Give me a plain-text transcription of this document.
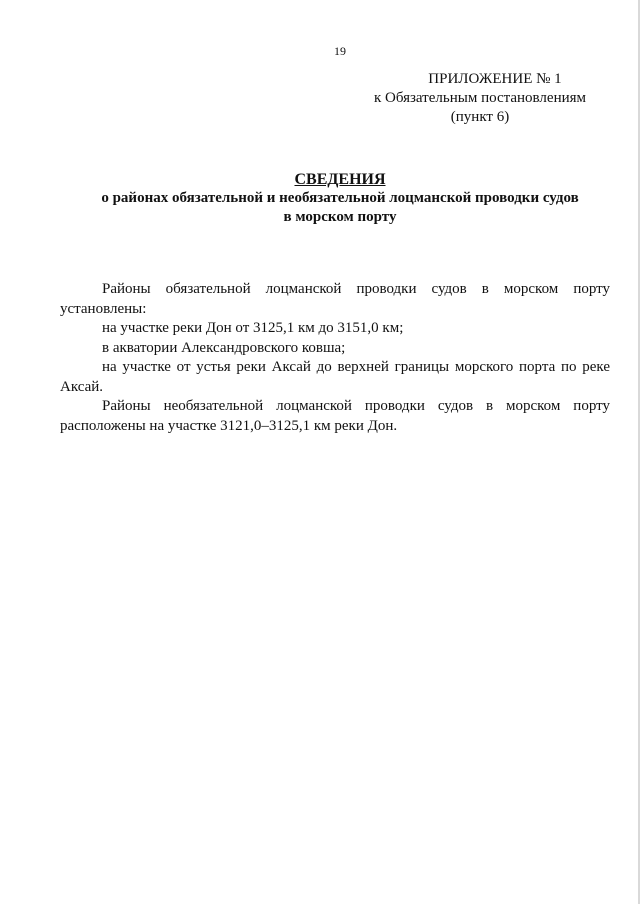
19
ПРИЛОЖЕНИЕ № 1
к Обязательным постановлениям
(пункт 6)
СВЕДЕНИЯ
о районах обязательной и необязательной лоцманской проводки судов
в морском порту

Районы обязательной лоцманской проводки судов в морском порту установлены:

на участке реки Дон от 3125,1 км до 3151,0 км;

в акватории Александровского ковша;

на участке от устья реки Аксай до верхней границы морского порта по реке Аксай.

Районы необязательной лоцманской проводки судов в морском порту расположены на участке 3121,0–3125,1 км реки Дон.
